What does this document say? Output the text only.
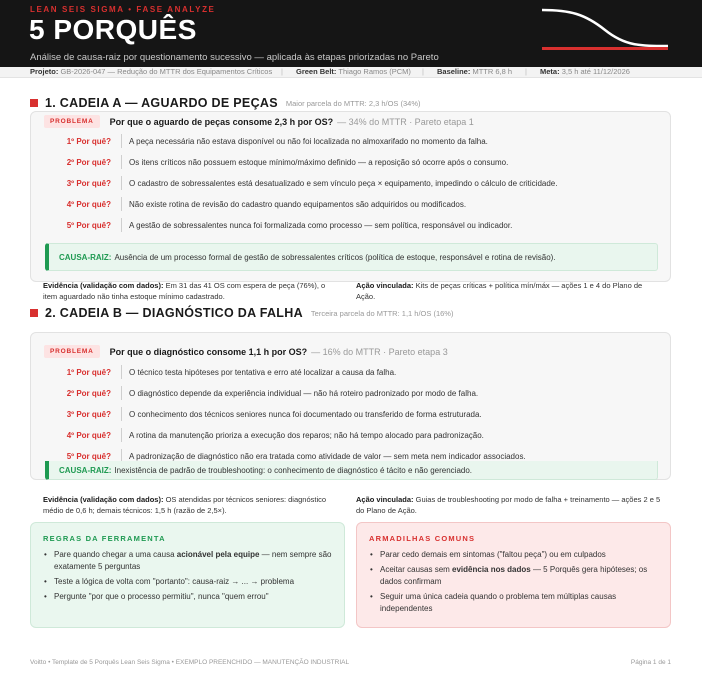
LEAN SEIS SIGMA • FASE ANALYZE
5 PORQUÊS
Análise de causa-raiz por questionamento sucessivo — aplicada às etapas priorizadas no Pareto
Projeto: GB-2026-047 — Redução do MTTR dos Equipamentos Críticos | Green Belt: Thiago Ramos (PCM) | Baseline: MTTR 6,8 h | Meta: 3,5 h até 11/12/2026
1. CADEIA A — AGUARDO DE PEÇAS Maior parcela do MTTR: 2,3 h/OS (34%)
PROBLEMA	Por que o aguardo de peças consome 2,3 h por OS? — 34% do MTTR · Pareto etapa 1
1º Por quê? A peça necessária não estava disponível ou não foi localizada no almoxarifado no momento da falha.
2º Por quê? Os itens críticos não possuem estoque mínimo/máximo definido — a reposição só ocorre após o consumo.
3º Por quê? O cadastro de sobressalentes está desatualizado e sem vínculo peça × equipamento, impedindo o cálculo de criticidade.
4º Por quê? Não existe rotina de revisão do cadastro quando equipamentos são adquiridos ou modificados.
5º Por quê? A gestão de sobressalentes nunca foi formalizada como processo — sem política, responsável ou indicador.
CAUSA-RAIZ: Ausência de um processo formal de gestão de sobressalentes críticos (política de estoque, responsável e rotina de revisão).
Evidência (validação com dados): Em 31 das 41 OS com espera de peça (76%), o item aguardado não tinha estoque mínimo cadastrado.
Ação vinculada: Kits de peças críticas + política mín/máx — ações 1 e 4 do Plano de Ação.
2. CADEIA B — DIAGNÓSTICO DA FALHA Terceira parcela do MTTR: 1,1 h/OS (16%)
PROBLEMA	Por que o diagnóstico consome 1,1 h por OS? — 16% do MTTR · Pareto etapa 3
1º Por quê? O técnico testa hipóteses por tentativa e erro até localizar a causa da falha.
2º Por quê? O diagnóstico depende da experiência individual — não há roteiro padronizado por modo de falha.
3º Por quê? O conhecimento dos técnicos seniores nunca foi documentado ou transferido de forma estruturada.
4º Por quê? A rotina da manutenção prioriza a execução dos reparos; não há tempo alocado para padronização.
5º Por quê? A padronização de diagnóstico não era tratada como atividade de valor — sem meta nem indicador associados.
CAUSA-RAIZ: Inexistência de padrão de troubleshooting: o conhecimento de diagnóstico é tácito e não gerenciado.
Evidência (validação com dados): OS atendidas por técnicos seniores: diagnóstico médio de 0,6 h; demais técnicos: 1,5 h (razão de 2,5×).
Ação vinculada: Guias de troubleshooting por modo de falha + treinamento — ações 2 e 5 do Plano de Ação.
REGRAS DA FERRAMENTA
• Pare quando chegar a uma causa acionável pela equipe — nem sempre são exatamente 5 perguntas
• Teste a lógica de volta com "portanto": causa-raiz → ... → problema
• Pergunte "por que o processo permitiu", nunca "quem errou"
ARMADILHAS COMUNS
• Parar cedo demais em sintomas ("faltou peça") ou em culpados
• Aceitar causas sem evidência nos dados — 5 Porquês gera hipóteses; os dados confirmam
• Seguir uma única cadeia quando o problema tem múltiplas causas independentes
Voitto • Template de 5 Porquês Lean Seis Sigma • EXEMPLO PREENCHIDO — MANUTENÇÃO INDUSTRIAL	Página 1 de 1
